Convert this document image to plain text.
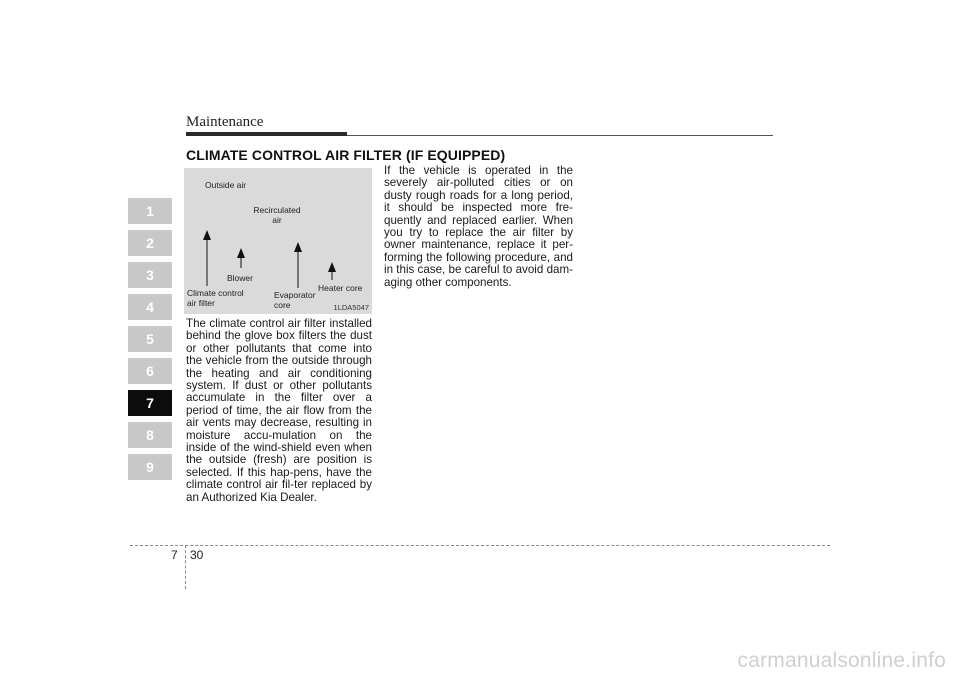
Maintenance
1
2
3
4
5
6
7
8
9
CLIMATE CONTROL AIR FILTER (IF EQUIPPED)
Outside air
Recirculated
air
Blower
Climate control
air filter
Evaporator
core
Heater core
1LDA5047

The climate control air filter installed behind the glove box filters the dust or other pollutants that come into the vehicle from the outside through the heating and air conditioning system. If dust or other pollutants accumulate in the filter over a period of time, the air flow from the air vents may decrease, resulting in moisture accu-mulation on the inside of the wind-shield even when the outside (fresh) are position is selected. If this hap-pens, have the climate control air fil-ter replaced by an Authorized Kia Dealer.

If the vehicle is operated in the severely air-polluted cities or on dusty rough roads for a long period, it should be inspected more fre-quently and replaced earlier. When you try to replace the air filter by owner maintenance, replace it per-forming the following procedure, and in this case, be careful to avoid dam-aging other components.

7 30
carmanualsonline.info
